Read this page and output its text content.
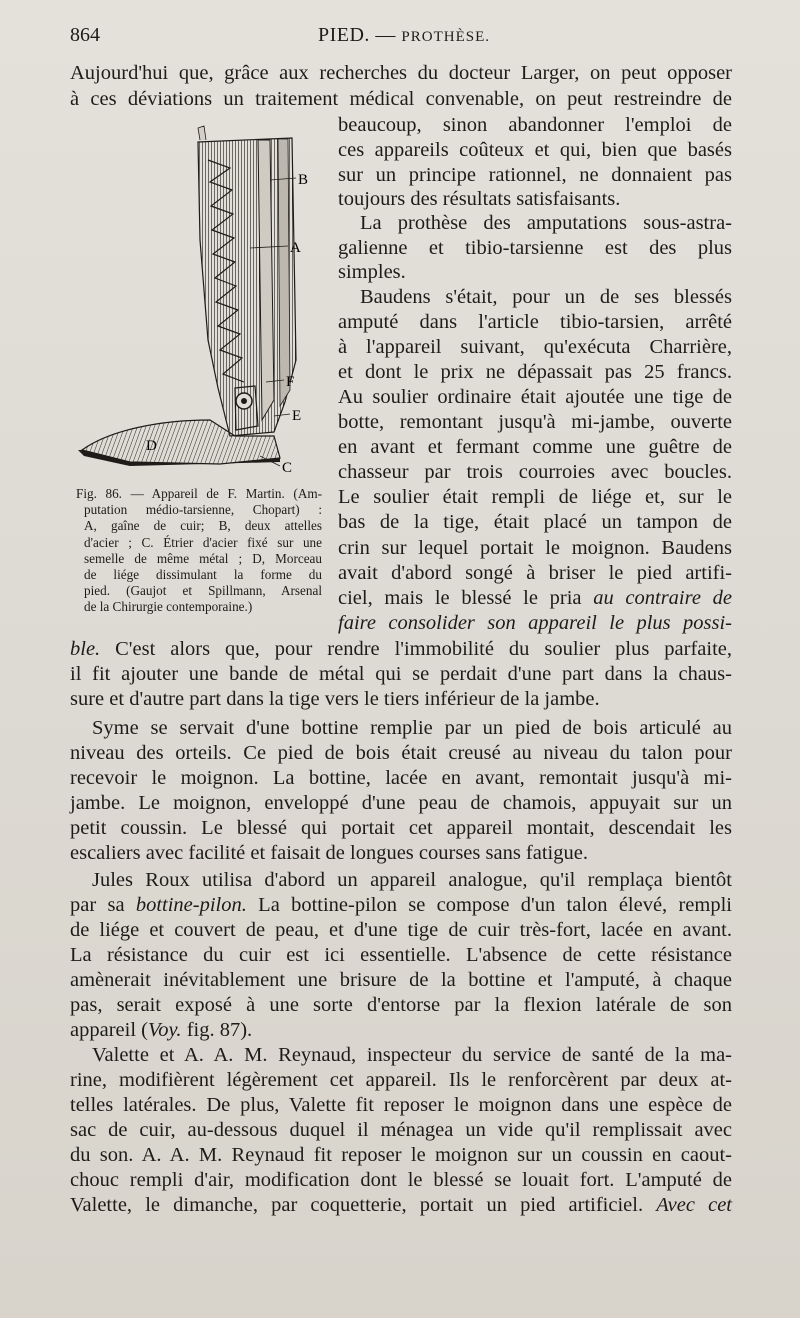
864	PIED. — PROTHÈSE.
Aujourd'hui que, grâce aux recherches du docteur Larger, on peut opposer
à ces déviations un traitement médical convenable, on peut restreindre de
beaucoup, sinon abandonner l'emploi de
ces appareils coûteux et qui, bien que basés
sur un principe rationnel, ne donnaient pas
toujours des résultats satisfaisants.
La prothèse des amputations sous-astra-
galienne et tibio-tarsienne est des plus
simples.
Baudens s'était, pour un de ses blessés
amputé dans l'article tibio-tarsien, arrêté
à l'appareil suivant, qu'exécuta Charrière,
et dont le prix ne dépassait pas 25 francs.
Au soulier ordinaire était ajoutée une tige de
botte, remontant jusqu'à mi-jambe, ouverte
en avant et fermant comme une guêtre de
chasseur par trois courroies avec boucles.
Le soulier était rempli de liége et, sur le
bas de la tige, était placé un tampon de
crin sur lequel portait le moignon. Baudens
avait d'abord songé à briser le pied artifi-
ciel, mais le blessé le pria au contraire de
faire consolider son appareil le plus possi-
ble. C'est alors que, pour rendre l'immobilité du soulier plus parfaite,
il fit ajouter une bande de métal qui se perdait d'une part dans la chaus-
sure et d'autre part dans la tige vers le tiers inférieur de la jambe.
Syme se servait d'une bottine remplie par un pied de bois articulé au
niveau des orteils. Ce pied de bois était creusé au niveau du talon pour
recevoir le moignon. La bottine, lacée en avant, remontait jusqu'à mi-
jambe. Le moignon, enveloppé d'une peau de chamois, appuyait sur un
petit coussin. Le blessé qui portait cet appareil montait, descendait les
escaliers avec facilité et faisait de longues courses sans fatigue.
Jules Roux utilisa d'abord un appareil analogue, qu'il remplaça bientôt
par sa bottine-pilon. La bottine-pilon se compose d'un talon élevé, rempli
de liége et couvert de peau, et d'une tige de cuir très-fort, lacée en avant.
La résistance du cuir est ici essentielle. L'absence de cette résistance
amènerait inévitablement une brisure de la bottine et l'amputé, à chaque
pas, serait exposé à une sorte d'entorse par la flexion latérale de son
appareil (Voy. fig. 87).
Valette et A. A. M. Reynaud, inspecteur du service de santé de la ma-
rine, modifièrent légèrement cet appareil. Ils le renforcèrent par deux at-
telles latérales. De plus, Valette fit reposer le moignon dans une espèce de
sac de cuir, au-dessous duquel il ménagea un vide qu'il remplissait avec
du son. A. A. M. Reynaud fit reposer le moignon sur un coussin en caout-
chouc rempli d'air, modification dont le blessé se louait fort. L'amputé de
Valette, le dimanche, par coquetterie, portait un pied artificiel. Avec cet
B
A
F
E
D
C
Fig. 86. — Appareil de F. Martin. (Am-
putation médio-tarsienne, Chopart) :
A, gaîne de cuir; B, deux attelles
d'acier ; C. Étrier d'acier fixé sur une
semelle de même métal ; D, Morceau
de liége dissimulant la forme du
pied. (Gaujot et Spillmann, Arsenal
de la Chirurgie contemporaine.)
